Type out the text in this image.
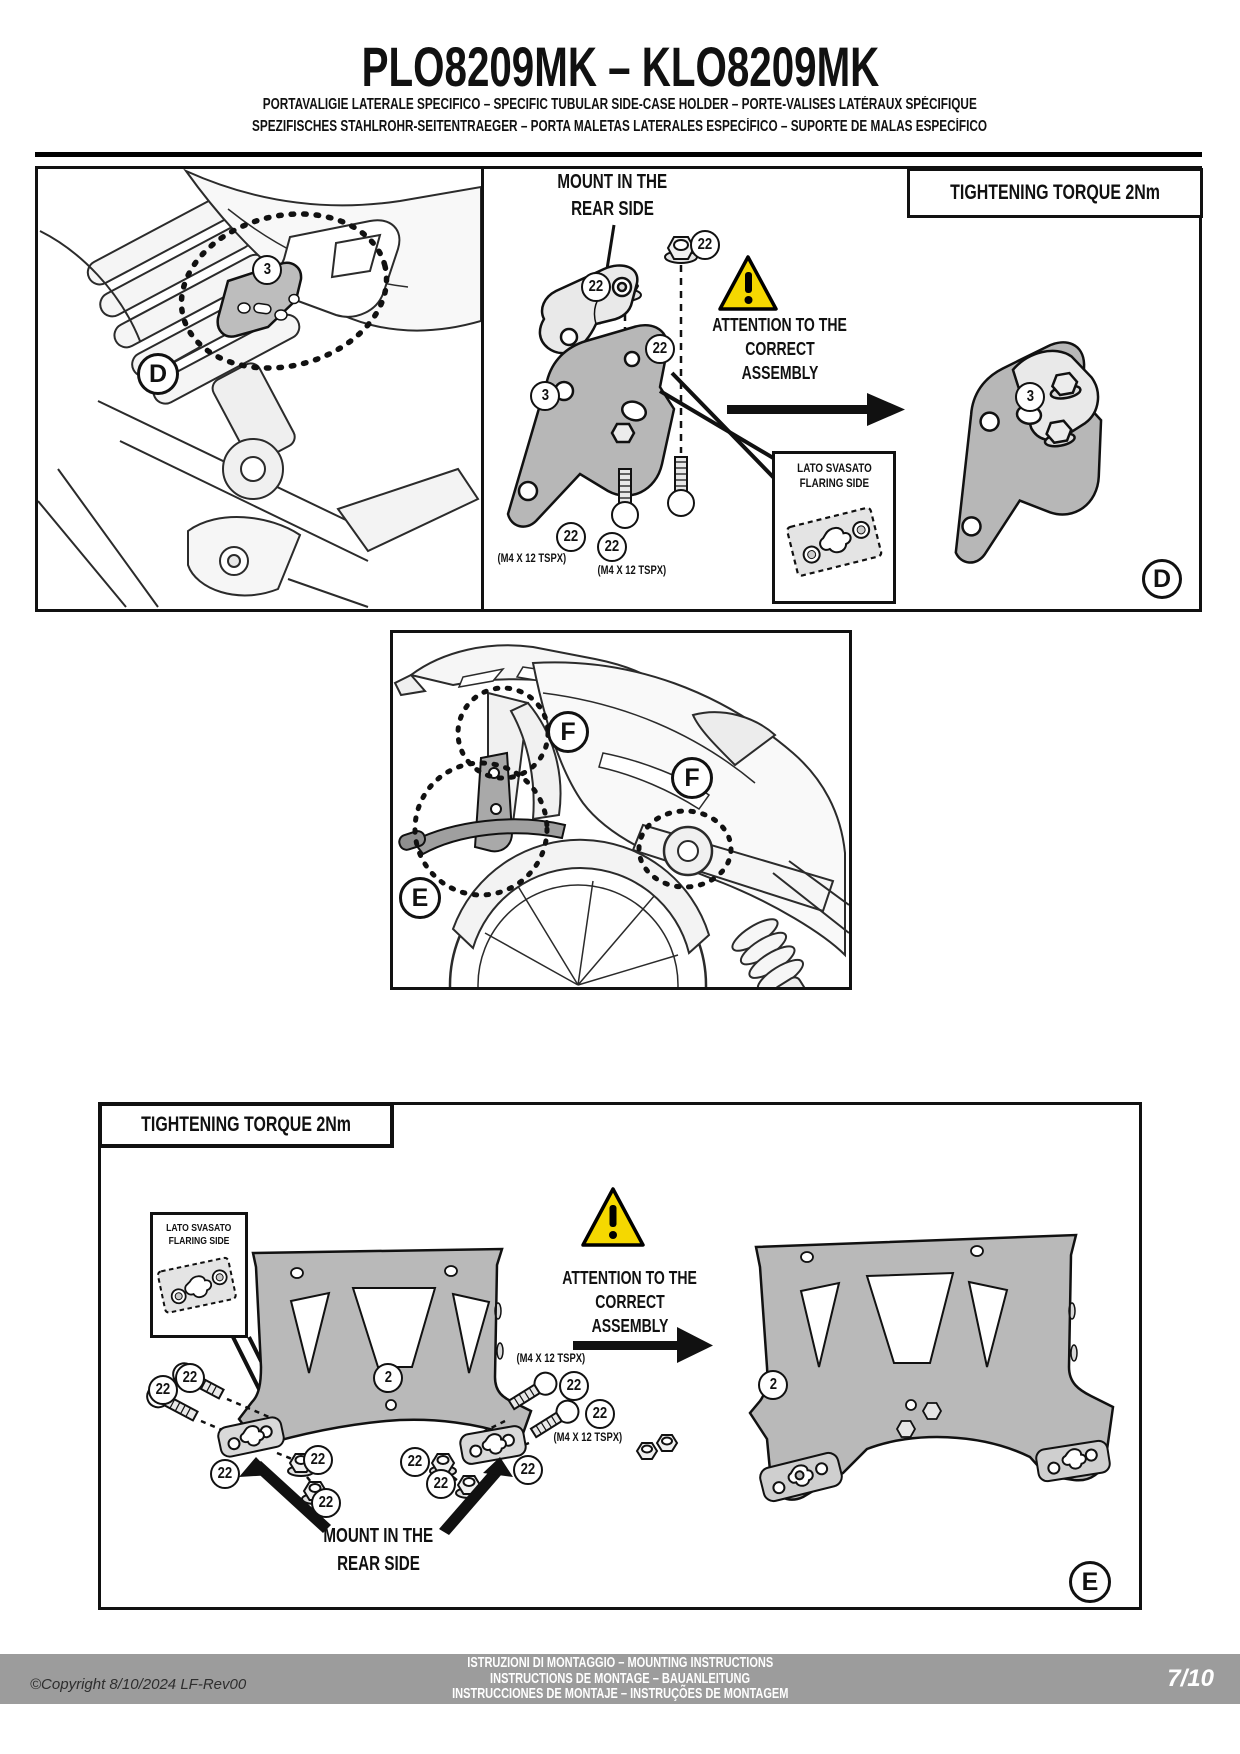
PLO8209MK – KLO8209MK
PORTAVALIGIE LATERALE SPECIFICO – SPECIFIC TUBULAR SIDE-CASE HOLDER – PORTE-VALISES LATÉRAUX SPÉCIFIQUE
SPEZIFISCHES STAHLROHR-SEITENTRAEGER – PORTA MALETAS LATERALES ESPECÍFICO – SUPORTE DE MALAS ESPECÍFICO
TIGHTENING TORQUE 2Nm
MOUNT IN THE
REAR SIDE
ATTENTION TO THE
CORRECT ASSEMBLY
LATO SVASATO
FLARING SIDE
(M4 X 12 TSPX)
(M4 X 12 TSPX)
3
D
22
22
22
3
22
22
3
D
F
F
E
TIGHTENING TORQUE 2Nm
LATO SVASATO
FLARING SIDE
ATTENTION TO THE
CORRECT ASSEMBLY
(M4 X 12 TSPX)
(M4 X 12 TSPX)
MOUNT IN THE
REAR SIDE
22
22
22
22
22
22
22
22
22
22
2	2
E
ISTRUZIONI DI MONTAGGIO – MOUNTING INSTRUCTIONS
INSTRUCTIONS DE MONTAGE – BAUANLEITUNG
INSTRUCCIONES DE MONTAJE – INSTRUÇÕES DE MONTAGEM
©Copyright 8/10/2024 LF-Rev00	7/10
